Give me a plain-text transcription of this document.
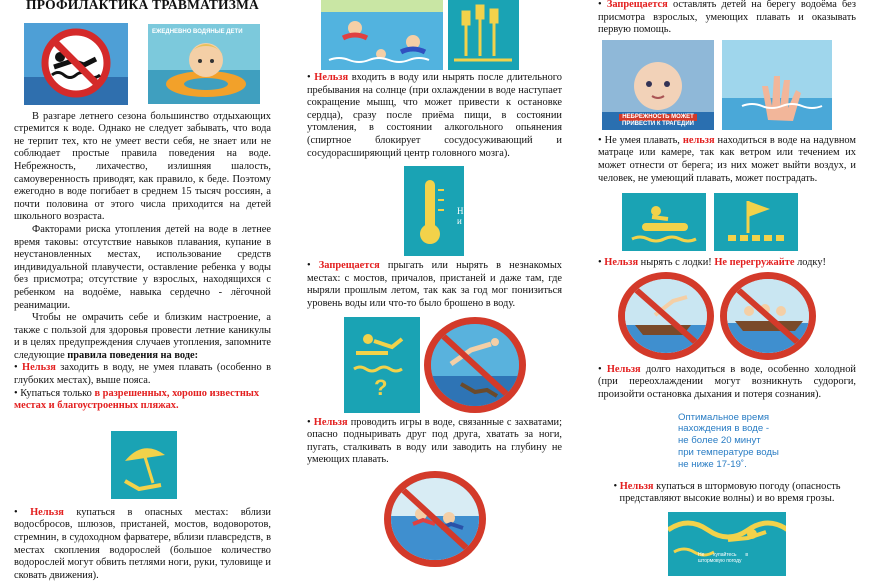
ПРОФИЛАКТИКА ТРАВМАТИЗМА
ЕЖЕДНЕВНО ВОДЯНЫЕ ДЕТИ

В разгаре летнего сезона большинство отдыхающих стремится к воде. Однако не следует забывать, что вода не терпит тех, кто не умеет вести себя, не знает или не соблюдает простые правила поведения на воде. Небрежность, лихачество, излишняя шалость, самоуверенность приводят, как правило, к беде. Поэтому ежегодно в воде погибает в среднем 15 тысяч россиян, а почти половина от этого числа приходится на детей школьного возраста.

Факторами риска утопления детей на воде в летнее время таковы: отсутствие навыков плавания, купание в неустановленных местах, использование средств индивидуальной плавучести, оставление ребенка у воды без присмотра; отсутствие у взрослых, находящихся с ребенком на водоёме, навыка сердечно - лёгочной реанимации.

Чтобы не омрачить себе и близким настроение, а также с пользой для здоровья провести летние каникулы и в целях предупреждения случаев утопления, запомните следующие правила поведения на воде:

• Нельзя заходить в воду, не умея плавать (особенно в глубоких местах), выше пояса.

• Купаться только в разрешенных, хорошо известных местах и благоустроенных пляжах.

• Нельзя купаться в опасных местах: вблизи водосбросов, шлюзов, пристаней, мостов, водоворотов, стремнин, в судоходном фарватере, вблизи плавсредств, в местах скопления водорослей (большое количество водорослей могут обвить петлями ноги, руки, туловище и сковать движения).

• Нельзя входить в воду или нырять после длительного пребывания на солнце (при охлаждении в воде наступает сокращение мышц, что может привести к остановке сердца), сразу после приёма пищи, в состоянии утомления, в состоянии алкогольного опьянения (спиртное блокирует сосудосуживающий и сосудорасширяющий центр головного мозга).

Н
и

• Запрещается прыгать или нырять в незнакомых местах: с мостов, причалов, пристаней и даже там, где ныряли прошлым летом, так как за год мог понизиться уровень воды или что-то было брошено в воду.

?

• Нельзя проводить игры в воде, связанные с захватами; опасно подныривать друг под друга, хватать за ноги, пугать, сталкивать в воду или заводить на глубину не умеющих плавать.

• Запрещается оставлять детей на берегу водоёма без присмотра взрослых, умеющих плавать и оказывать первую помощь.

НЕБРЕЖНОСТЬ МОЖЕТ
ПРИВЕСТИ К ТРАГЕДИИ

• Не умея плавать, нельзя находиться в воде на надувном матраце или камере, так как ветром или течением их может отнести от берега; из них может выйти воздух, и человек, не умеющий плавать, может пострадать.

• Нельзя нырять с лодки! Не перегружайте лодку!

• Нельзя долго находиться в воде, особенно холодной (при переохлаждении могут возникнуть судороги, произойти остановка дыхания и потеря сознания).

Оптимальное время
нахождения в воде -
не более 20 минут
при температуре воды
не ниже 17-19˚.

• Нельзя купаться в штормовую погоду (опасность представляют высокие волны) и во время грозы.

Не купайтесь в штормовую погоду
